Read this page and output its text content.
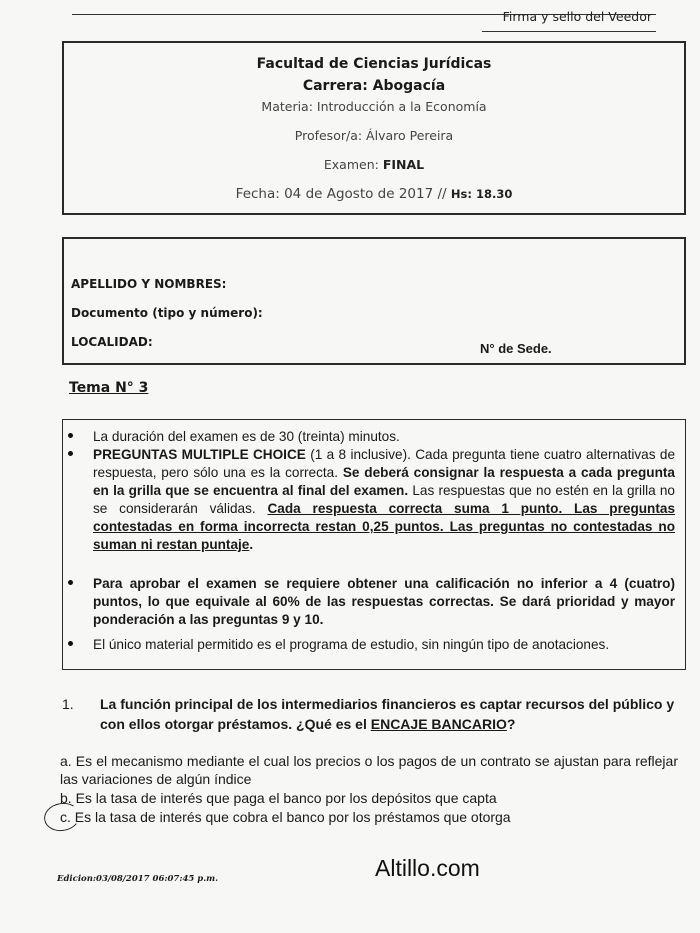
Firma y sello del Veedor
Facultad de Ciencias Jurídicas
Carrera: Abogacía
Materia: Introducción a la Economía
Profesor/a: Álvaro Pereira
Examen: FINAL
Fecha: 04 de Agosto de 2017 // Hs: 18.30
APELLIDO Y NOMBRES:
Documento (tipo y número):
LOCALIDAD:	N° de Sede.
Tema N° 3
La duración del examen es de 30 (treinta) minutos.
PREGUNTAS MULTIPLE CHOICE (1 a 8 inclusive). Cada pregunta tiene cuatro alternativas de respuesta, pero sólo una es la correcta. Se deberá consignar la respuesta a cada pregunta en la grilla que se encuentra al final del examen. Las respuestas que no estén en la grilla no se considerarán válidas. Cada respuesta correcta suma 1 punto. Las preguntas contestadas en forma incorrecta restan 0,25 puntos. Las preguntas no contestadas no suman ni restan puntaje.
Para aprobar el examen se requiere obtener una calificación no inferior a 4 (cuatro) puntos, lo que equivale al 60% de las respuestas correctas. Se dará prioridad y mayor ponderación a las preguntas 9 y 10.
El único material permitido es el programa de estudio, sin ningún tipo de anotaciones.
1. La función principal de los intermediarios financieros es captar recursos del público y con ellos otorgar préstamos. ¿Qué es el ENCAJE BANCARIO?
a. Es el mecanismo mediante el cual los precios o los pagos de un contrato se ajustan para reflejar las variaciones de algún índice
b. Es la tasa de interés que paga el banco por los depósitos que capta
c. Es la tasa de interés que cobra el banco por los préstamos que otorga
Edicion:03/08/2017 06:07:45 p.m.	Altillo.com
